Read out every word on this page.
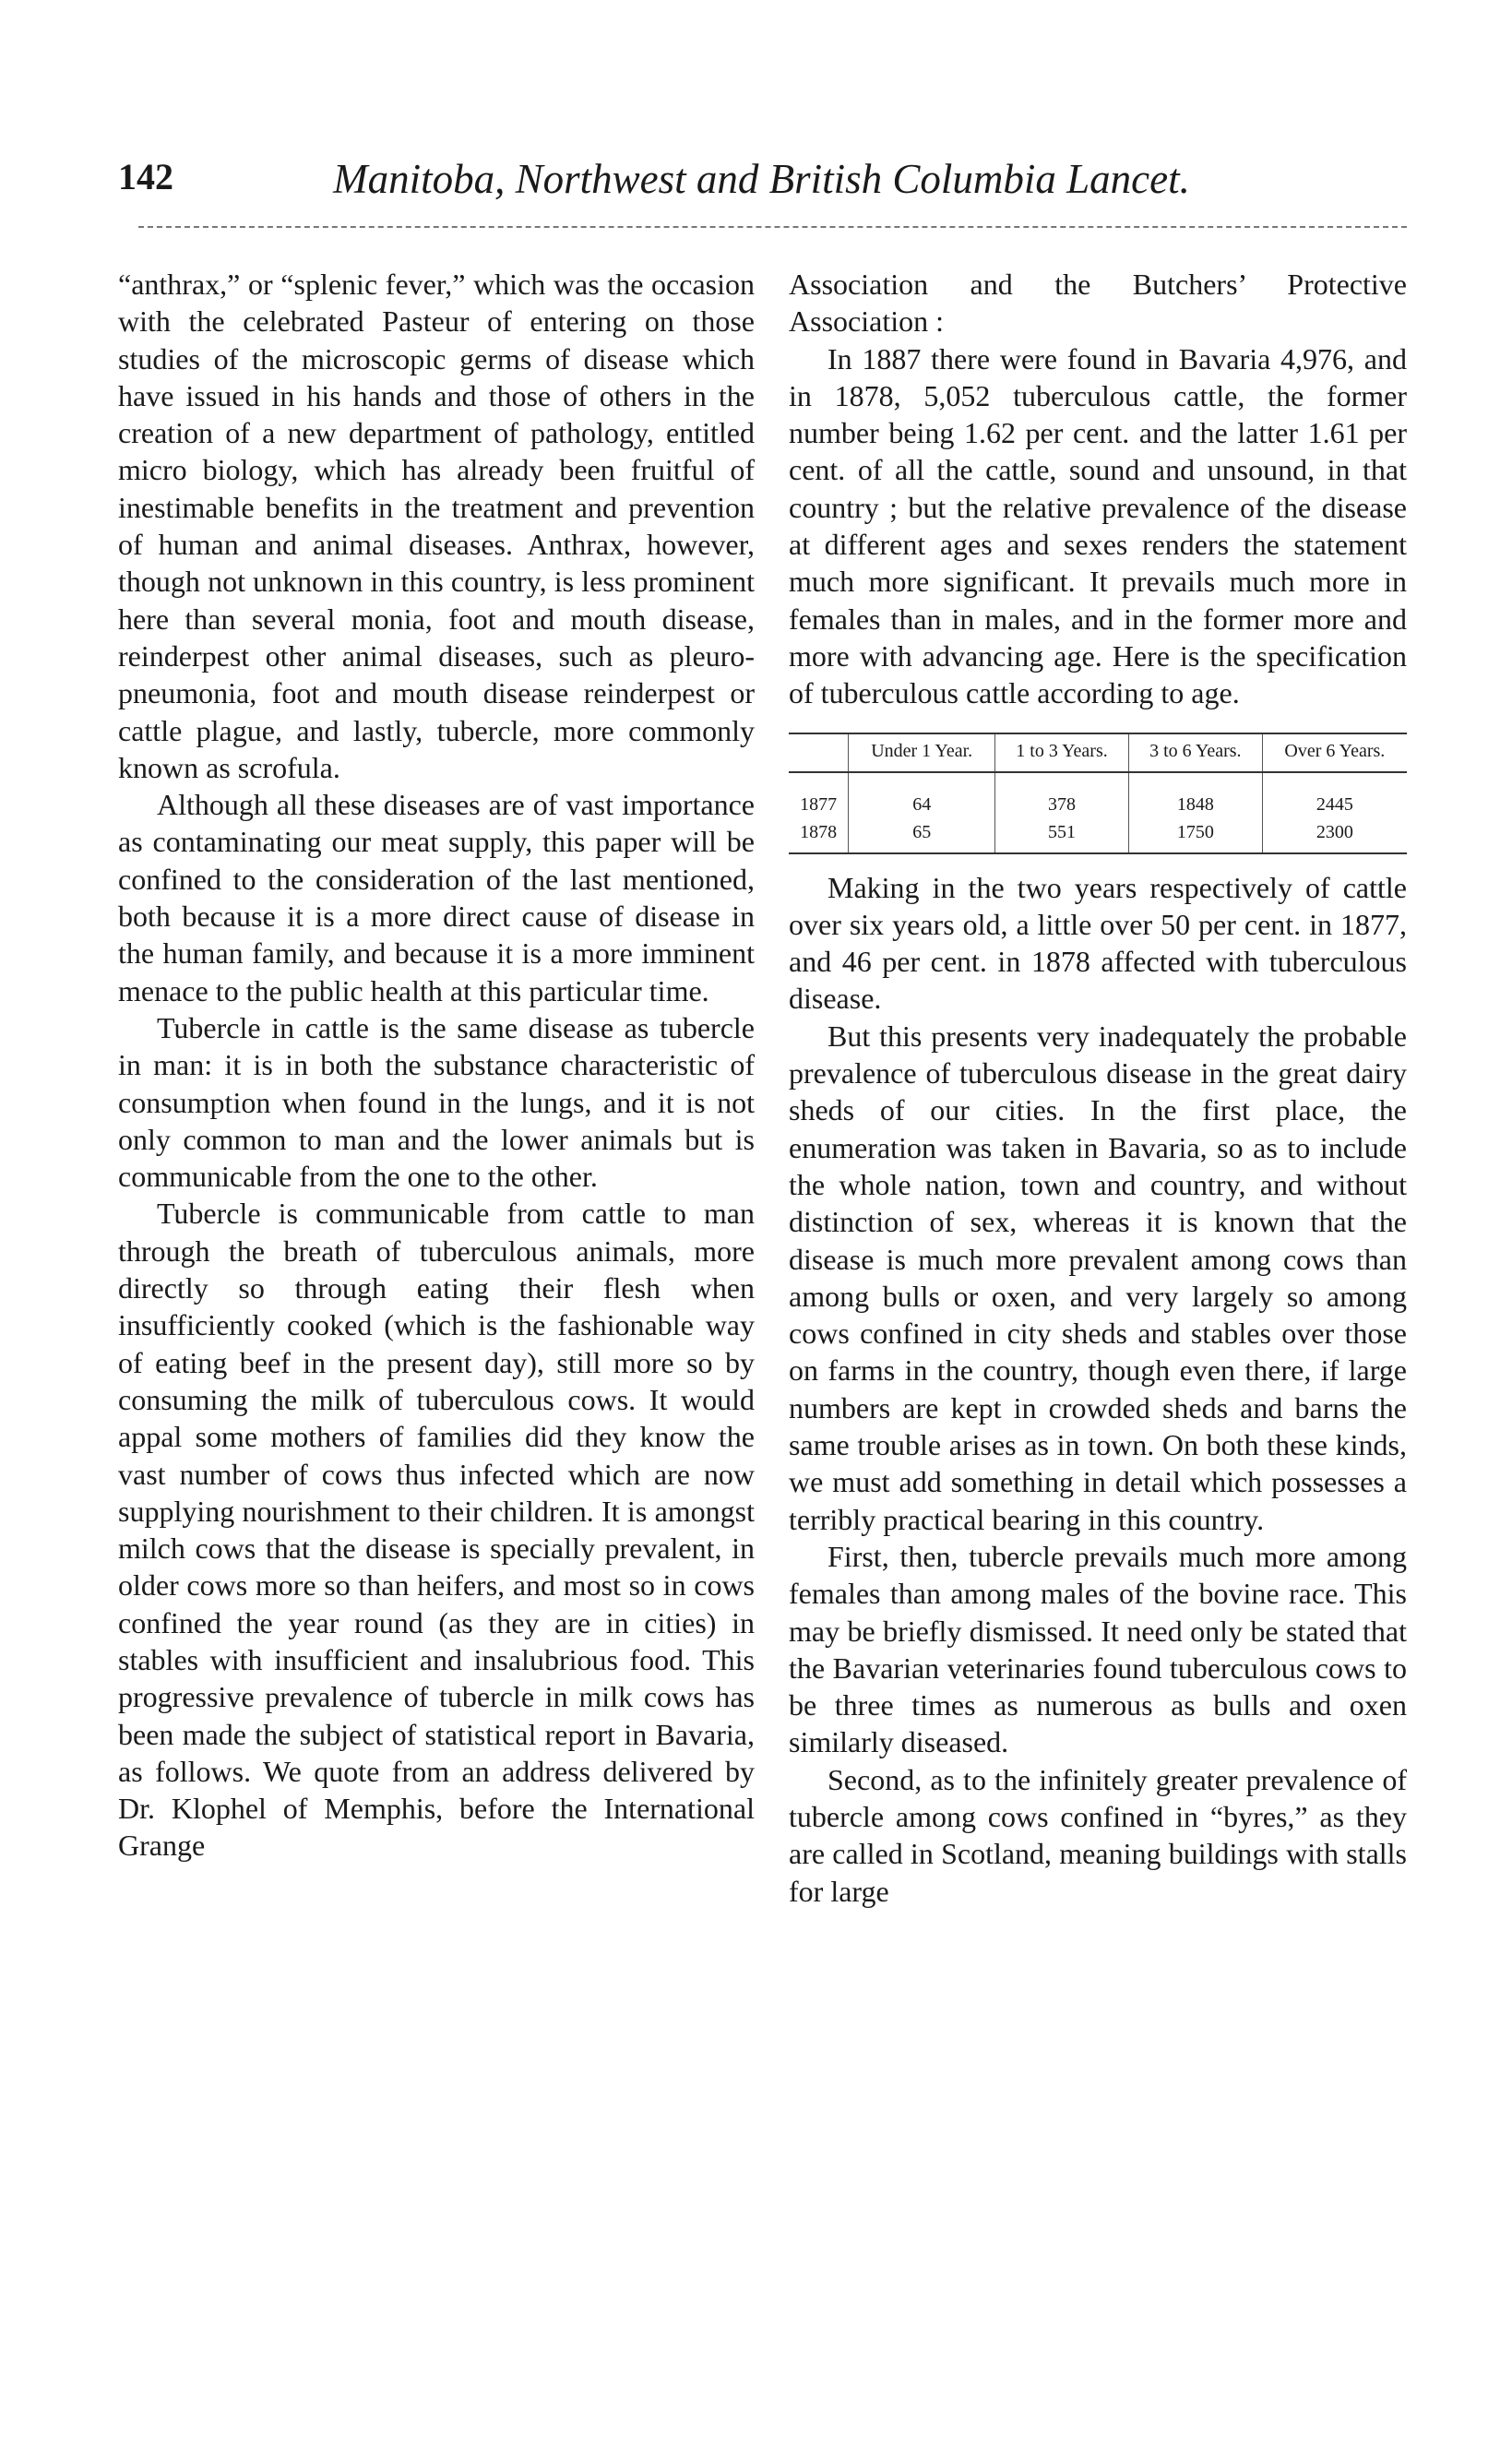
142	Manitoba, Northwest and British Columbia Lancet.

“anthrax,” or “splenic fever,” which was the occasion with the celebrated Pasteur of entering on those studies of the microscopic germs of disease which have issued in his hands and those of others in the creation of a new department of pathology, entitled micro biology, which has already been fruitful of inestimable benefits in the treatment and prevention of human and animal diseases. Anthrax, however, though not unknown in this country, is less prominent here than several monia, foot and mouth disease, reinderpest other animal diseases, such as pleuro-pneumonia, foot and mouth disease reinderpest or cattle plague, and lastly, tubercle, more commonly known as scrofula.

Although all these diseases are of vast importance as contaminating our meat supply, this paper will be confined to the consideration of the last mentioned, both because it is a more direct cause of disease in the human family, and because it is a more imminent menace to the public health at this particular time.

Tubercle in cattle is the same disease as tubercle in man: it is in both the substance characteristic of consumption when found in the lungs, and it is not only common to man and the lower animals but is communicable from the one to the other.

Tubercle is communicable from cattle to man through the breath of tuberculous animals, more directly so through eating their flesh when insufficiently cooked (which is the fashionable way of eating beef in the present day), still more so by consuming the milk of tuberculous cows. It would appal some mothers of families did they know the vast number of cows thus infected which are now supplying nourishment to their children. It is amongst milch cows that the disease is specially prevalent, in older cows more so than heifers, and most so in cows confined the year round (as they are in cities) in stables with insufficient and insalubrious food. This progressive prevalence of tubercle in milk cows has been made the subject of statistical report in Bavaria, as follows. We quote from an address delivered by Dr. Klophel of Memphis, before the International Grange

Association and the Butchers’ Protective Association :

In 1887 there were found in Bavaria 4,976, and in 1878, 5,052 tuberculous cattle, the former number being 1.62 per cent. and the latter 1.61 per cent. of all the cattle, sound and unsound, in that country ; but the relative prevalence of the disease at different ages and sexes renders the statement much more significant. It prevails much more in females than in males, and in the former more and more with advancing age. Here is the specification of tuberculous cattle according to age.

	Under 1 Year.	1 to 3 Years.	3 to 6 Years.	Over 6 Years.
1877	64	378	1848	2445
1878	65	551	1750	2300

Making in the two years respectively of cattle over six years old, a little over 50 per cent. in 1877, and 46 per cent. in 1878 affected with tuberculous disease.

But this presents very inadequately the probable prevalence of tuberculous disease in the great dairy sheds of our cities. In the first place, the enumeration was taken in Bavaria, so as to include the whole nation, town and country, and without distinction of sex, whereas it is known that the disease is much more prevalent among cows than among bulls or oxen, and very largely so among cows confined in city sheds and stables over those on farms in the country, though even there, if large numbers are kept in crowded sheds and barns the same trouble arises as in town. On both these kinds, we must add something in detail which possesses a terribly practical bearing in this country.

First, then, tubercle prevails much more among females than among males of the bovine race. This may be briefly dismissed. It need only be stated that the Bavarian veterinaries found tuberculous cows to be three times as numerous as bulls and oxen similarly diseased.

Second, as to the infinitely greater prevalence of tubercle among cows confined in “byres,” as they are called in Scotland, meaning buildings with stalls for large
